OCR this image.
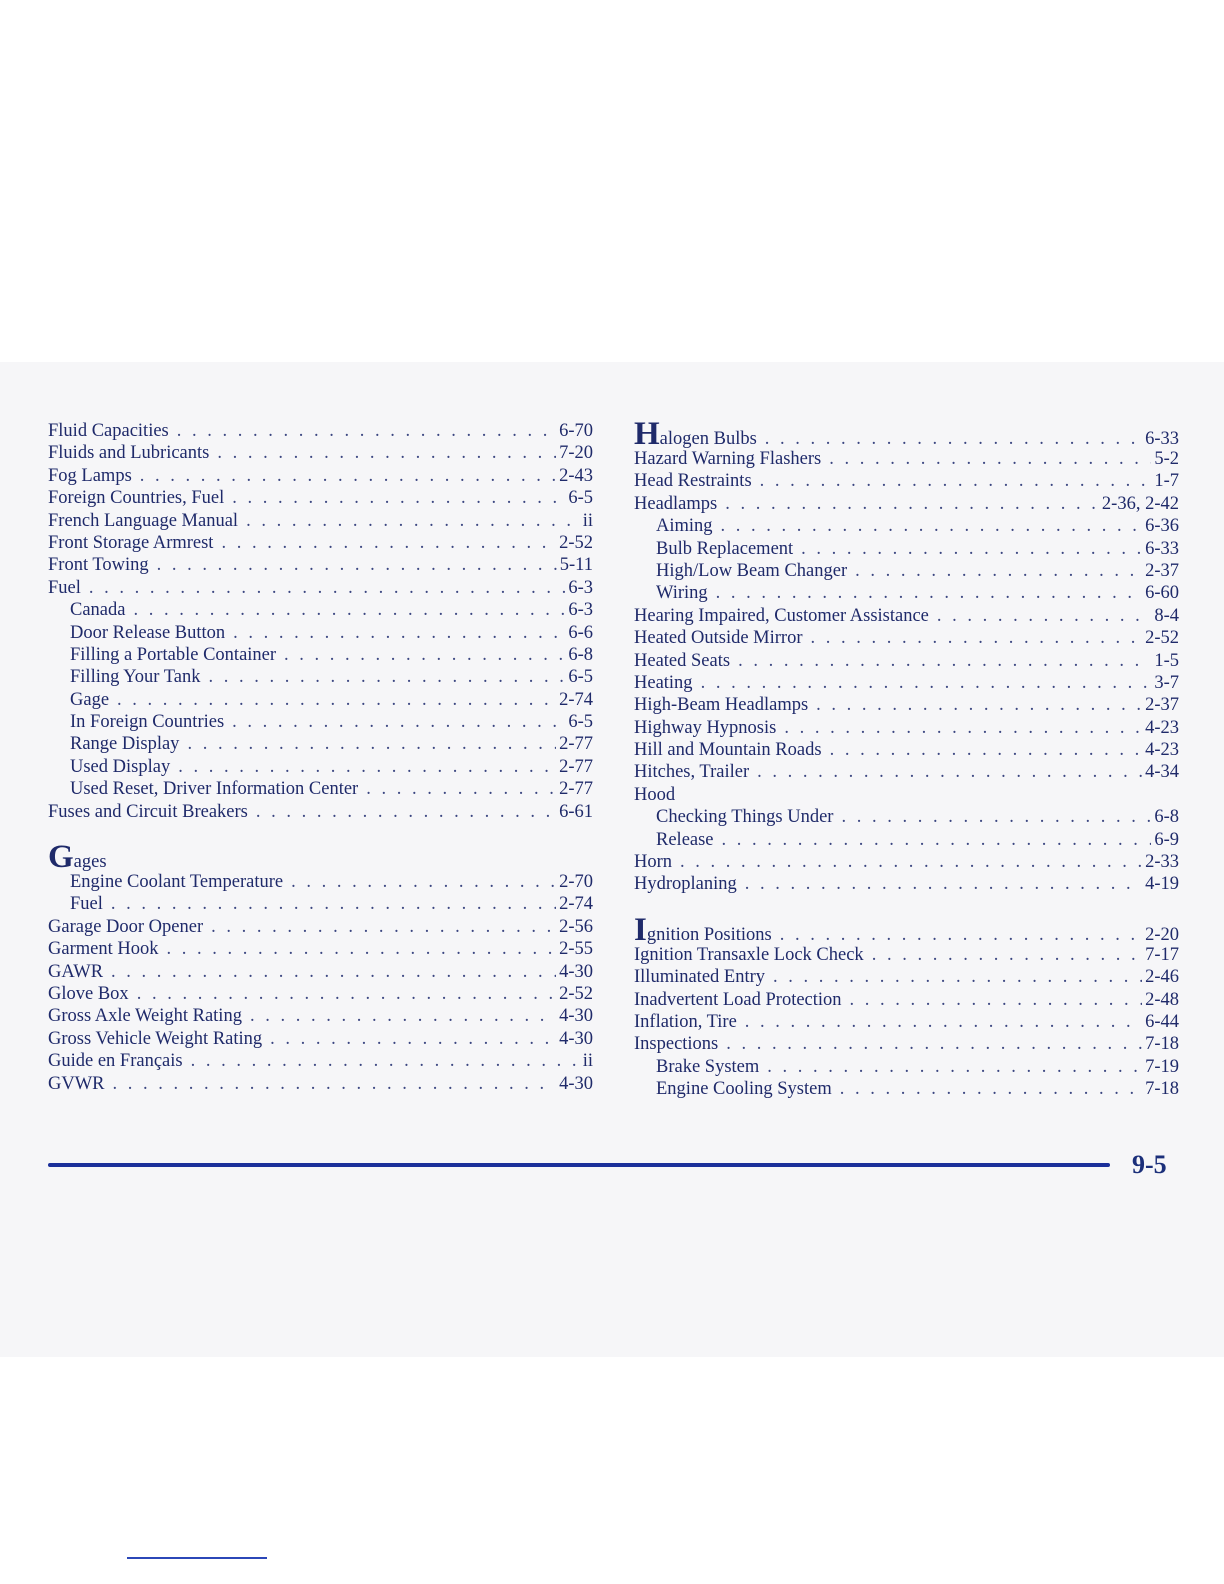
Fluid Capacities . . .	6-70
Fluids and Lubricants . . .	7-20
Fog Lamps . . .	2-43
Foreign Countries, Fuel . . .	6-5
French Language Manual . . .	ii
Front Storage Armrest . . .	2-52
Front Towing . . .	5-11
Fuel . . .	6-3
Canada . . .	6-3
Door Release Button . . .	6-6
Filling a Portable Container . . .	6-8
Filling Your Tank . . .	6-5
Gage . . .	2-74
In Foreign Countries . . .	6-5
Range Display . . .	2-77
Used Display . . .	2-77
Used Reset, Driver Information Center . . .	2-77
Fuses and Circuit Breakers . . .	6-61
G ages
Engine Coolant Temperature . . .	2-70
Fuel . . .	2-74
Garage Door Opener . . .	2-56
Garment Hook . . .	2-55
GAWR . . .	4-30
Glove Box . . .	2-52
Gross Axle Weight Rating . . .	4-30
Gross Vehicle Weight Rating . . .	4-30
Guide en Français . . .	ii
GVWR . . .	4-30
H alogen Bulbs . . .	6-33
Hazard Warning Flashers . . .	5-2
Head Restraints . . .	1-7
Headlamps . . .	2-36, 2-42
Aiming . . .	6-36
Bulb Replacement . . .	6-33
High/Low Beam Changer . . .	2-37
Wiring . . .	6-60
Hearing Impaired, Customer Assistance . . .	8-4
Heated Outside Mirror . . .	2-52
Heated Seats . . .	1-5
Heating . . .	3-7
High-Beam Headlamps . . .	2-37
Highway Hypnosis . . .	4-23
Hill and Mountain Roads . . .	4-23
Hitches, Trailer . . .	4-34
Hood
Checking Things Under . . .	6-8
Release . . .	6-9
Horn . . .	2-33
Hydroplaning . . .	4-19
I gnition Positions . . .	2-20
Ignition Transaxle Lock Check . . .	7-17
Illuminated Entry . . .	2-46
Inadvertent Load Protection . . .	2-48
Inflation, Tire . . .	6-44
Inspections . . .	7-18
Brake System . . .	7-19
Engine Cooling System . . .	7-18
9-5
